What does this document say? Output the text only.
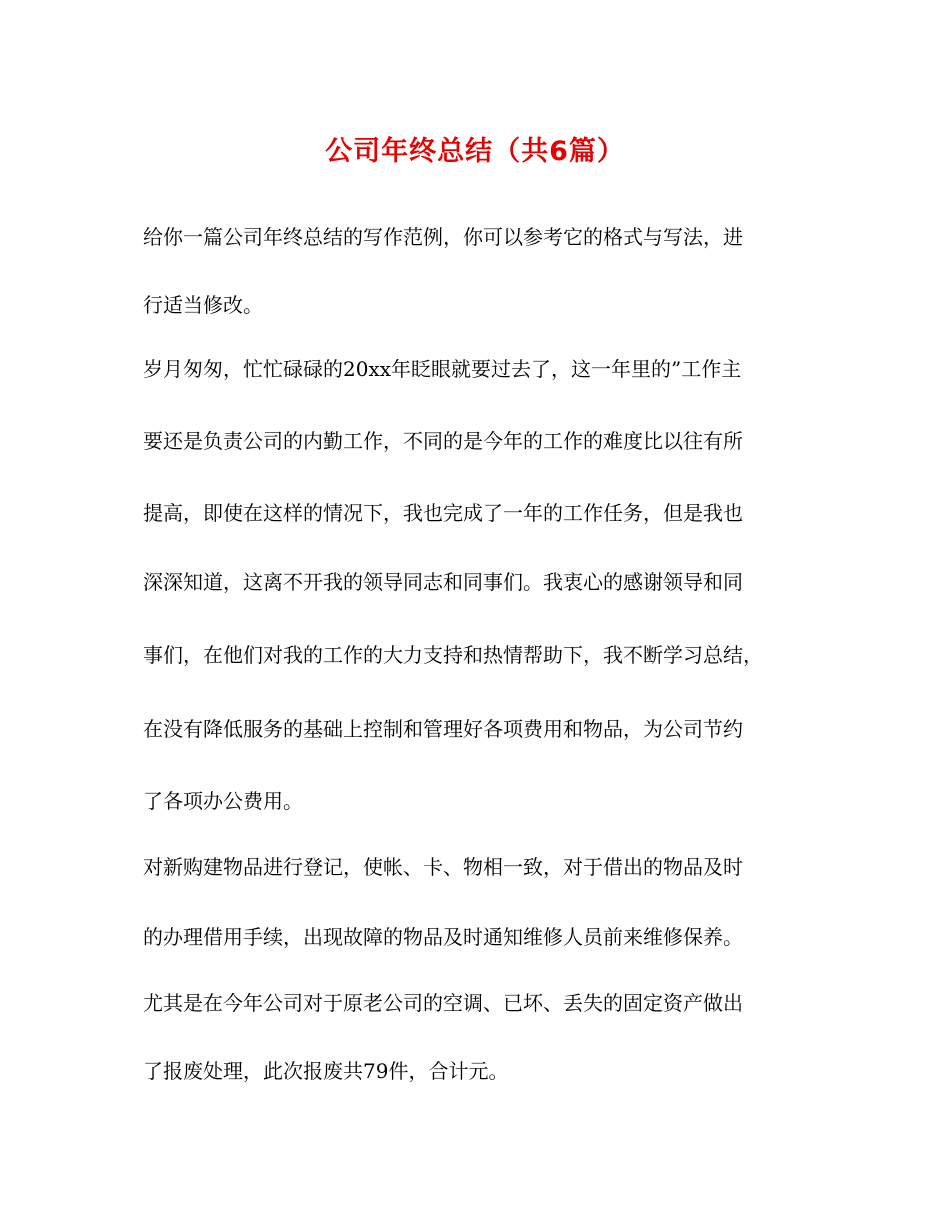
公司年终总结（共6篇）

给你一篇公司年终总结的写作范例，你可以参考它的格式与写法，进

行适当修改。

岁月匆匆，忙忙碌碌的20xx年眨眼就要过去了，这一年里的”工作主

要还是负责公司的内勤工作，不同的是今年的工作的难度比以往有所

提高，即使在这样的情况下，我也完成了一年的工作任务，但是我也

深深知道，这离不开我的领导同志和同事们。我衷心的感谢领导和同

事们，在他们对我的工作的大力支持和热情帮助下，我不断学习总结，

在没有降低服务的基础上控制和管理好各项费用和物品，为公司节约

了各项办公费用。

对新购建物品进行登记，使帐、卡、物相一致，对于借出的物品及时

的办理借用手续，出现故障的物品及时通知维修人员前来维修保养。

尤其是在今年公司对于原老公司的空调、已坏、丢失的固定资产做出

了报废处理，此次报废共79件，合计元。
